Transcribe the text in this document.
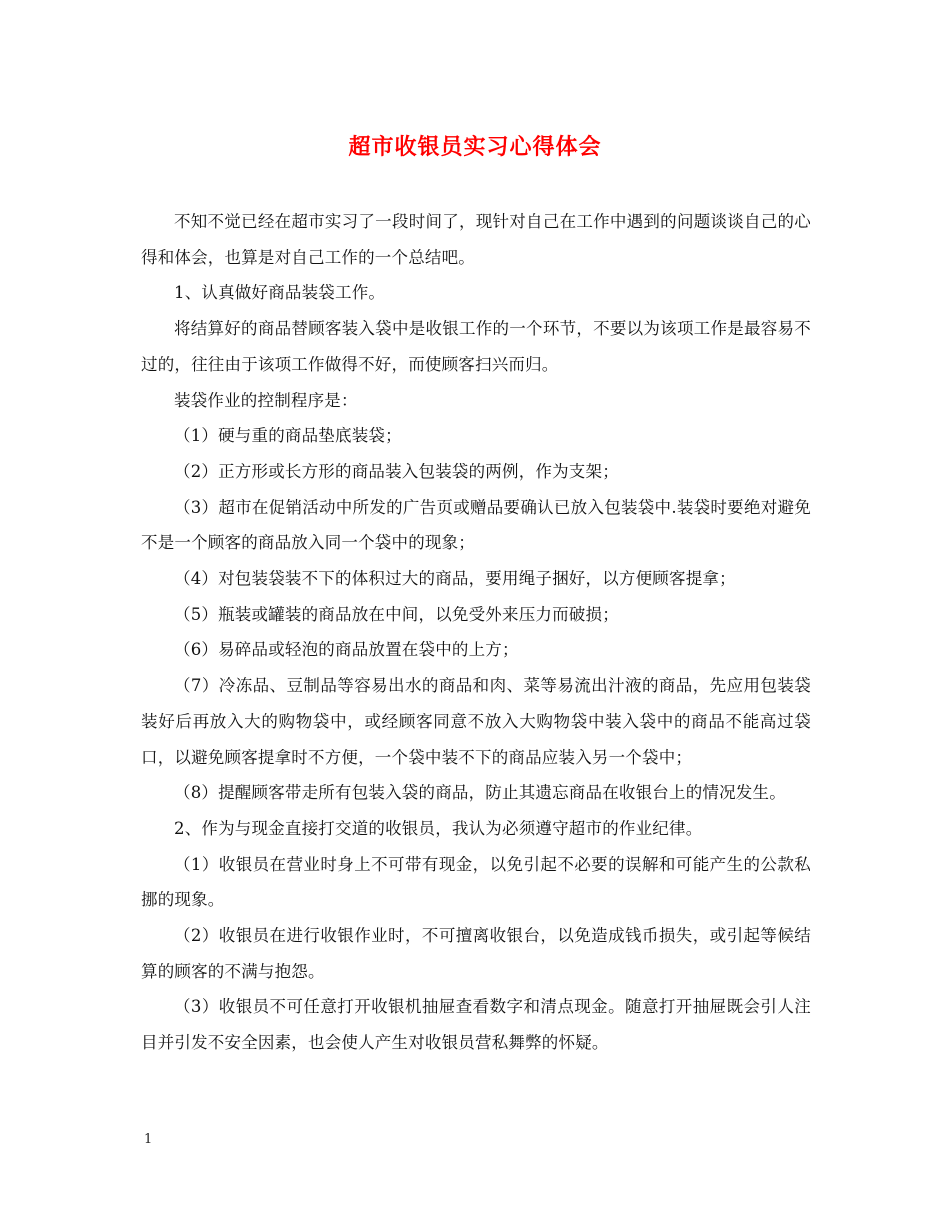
超市收银员实习心得体会

不知不觉已经在超市实习了一段时间了，现针对自己在工作中遇到的问题谈谈自己的心得和体会，也算是对自己工作的一个总结吧。

1、认真做好商品装袋工作。

将结算好的商品替顾客装入袋中是收银工作的一个环节，不要以为该项工作是最容易不过的，往往由于该项工作做得不好，而使顾客扫兴而归。

装袋作业的控制程序是：

（1）硬与重的商品垫底装袋；

（2）正方形或长方形的商品装入包装袋的两例，作为支架；

（3）超市在促销活动中所发的广告页或赠品要确认已放入包装袋中.装袋时要绝对避免不是一个顾客的商品放入同一个袋中的现象；

（4）对包装袋装不下的体积过大的商品，要用绳子捆好，以方便顾客提拿；

（5）瓶装或罐装的商品放在中间，以免受外来压力而破损；

（6）易碎品或轻泡的商品放置在袋中的上方；

（7）冷冻品、豆制品等容易出水的商品和肉、菜等易流出汁液的商品，先应用包装袋装好后再放入大的购物袋中，或经顾客同意不放入大购物袋中装入袋中的商品不能高过袋口，以避免顾客提拿时不方便，一个袋中装不下的商品应装入另一个袋中；

（8）提醒顾客带走所有包装入袋的商品，防止其遗忘商品在收银台上的情况发生。

2、作为与现金直接打交道的收银员，我认为必须遵守超市的作业纪律。

（1）收银员在营业时身上不可带有现金，以免引起不必要的误解和可能产生的公款私挪的现象。

（2）收银员在进行收银作业时，不可擅离收银台，以免造成钱币损失，或引起等候结算的顾客的不满与抱怨。

（3）收银员不可任意打开收银机抽屉查看数字和清点现金。随意打开抽屉既会引人注目并引发不安全因素，也会使人产生对收银员营私舞弊的怀疑。

1
